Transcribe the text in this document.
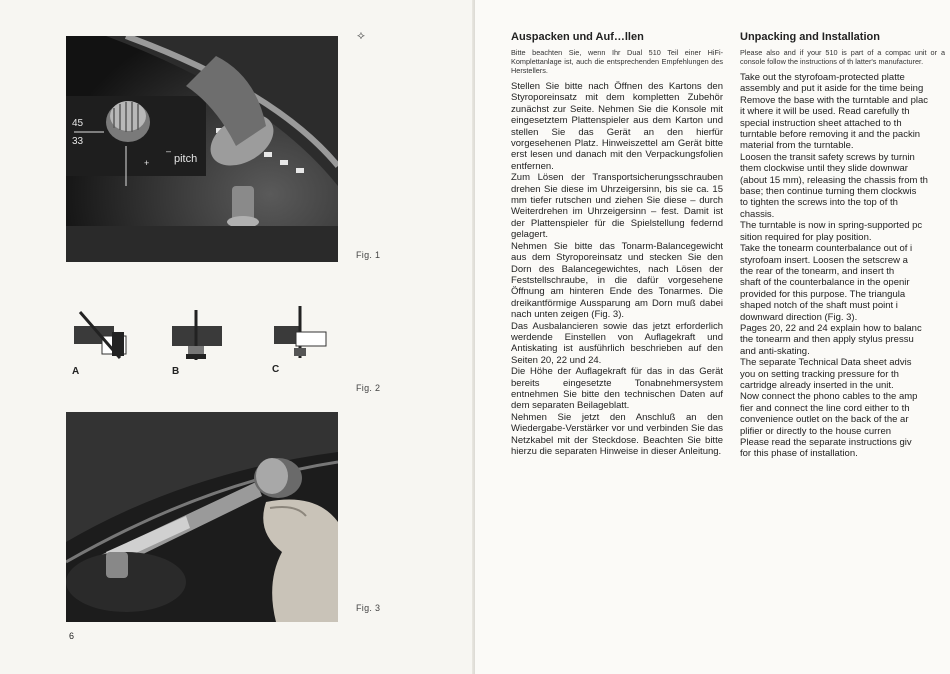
⟡
45
33
pitch
–
+
Fig. 1
A	B	C
Fig. 2
Fig. 3
6
Auspacken und Auf…llen

Bitte beachten Sie, wenn Ihr Dual 510 Teil einer HiFi-Komplettanlage ist, auch die entsprechenden Empfehlungen des Herstellers.

Stellen Sie bitte nach Öffnen des Kartons den Styroporeinsatz mit dem kompletten Zubehör zunächst zur Seite. Nehmen Sie die Konsole mit eingesetztem Plattenspieler aus dem Karton und stellen Sie das Gerät an den hierfür vorgesehenen Platz. Hinweiszettel am Gerät bitte erst lesen und danach mit den Verpackungsfolien entfernen.

Zum Lösen der Transportsicherungsschrauben drehen Sie diese im Uhrzeigersinn, bis sie ca. 15 mm tiefer rutschen und ziehen Sie diese – durch Weiterdrehen im Uhrzeigersinn – fest. Damit ist der Plattenspieler für die Spielstellung federnd gelagert.

Nehmen Sie bitte das Tonarm-Balancegewicht aus dem Styroporeinsatz und stecken Sie den Dorn des Balancegewichtes, nach Lösen der Feststellschraube, in die dafür vorgesehene Öffnung am hinteren Ende des Tonarmes. Die dreikantförmige Aussparung am Dorn muß dabei nach unten zeigen (Fig. 3).

Das Ausbalancieren sowie das jetzt erforderlich werdende Einstellen von Auflagekraft und Antiskating ist ausführlich beschrieben auf den Seiten 20, 22 und 24.

Die Höhe der Auflagekraft für das in das Gerät bereits eingesetzte Tonabnehmersystem entnehmen Sie bitte den technischen Daten auf dem separaten Beilageblatt.

Nehmen Sie jetzt den Anschluß an den Wiedergabe-Verstärker vor und verbinden Sie das Netzkabel mit der Steckdose. Beachten Sie bitte hierzu die separaten Hinweise in dieser Anleitung.

Unpacking and Installation

Please also and if your 510 is part of a compac unit or a console follow the instructions of th latter's manufacturer.

Take out the styrofoam-protected platte

assembly and put it aside for the time being

Remove the base with the turntable and plac

it where it will be used. Read carefully th

special instruction sheet attached to th

turntable before removing it and the packin

material from the turntable.

Loosen the transit safety screws by turnin

them clockwise until they slide downwar

(about 15 mm), releasing the chassis from th

base; then continue turning them clockwis

to tighten the screws into the top of th

chassis.

The turntable is now in spring-supported pc

sition required for play position.

Take the tonearm counterbalance out of i

styrofoam insert. Loosen the setscrew a

the rear of the tonearm, and insert th

shaft of the counterbalance in the openir

provided for this purpose. The triangula

shaped notch of the shaft must point i

downward direction (Fig. 3).

Pages 20, 22 and 24 explain how to balanc

the tonearm and then apply stylus pressu

and anti-skating.

The separate Technical Data sheet advis

you on setting tracking pressure for th

cartridge already inserted in the unit.

Now connect the phono cables to the amp

fier and connect the line cord either to th

convenience outlet on the back of the ar

plifier or directly to the house curren

Please read the separate instructions giv

for this phase of installation.
